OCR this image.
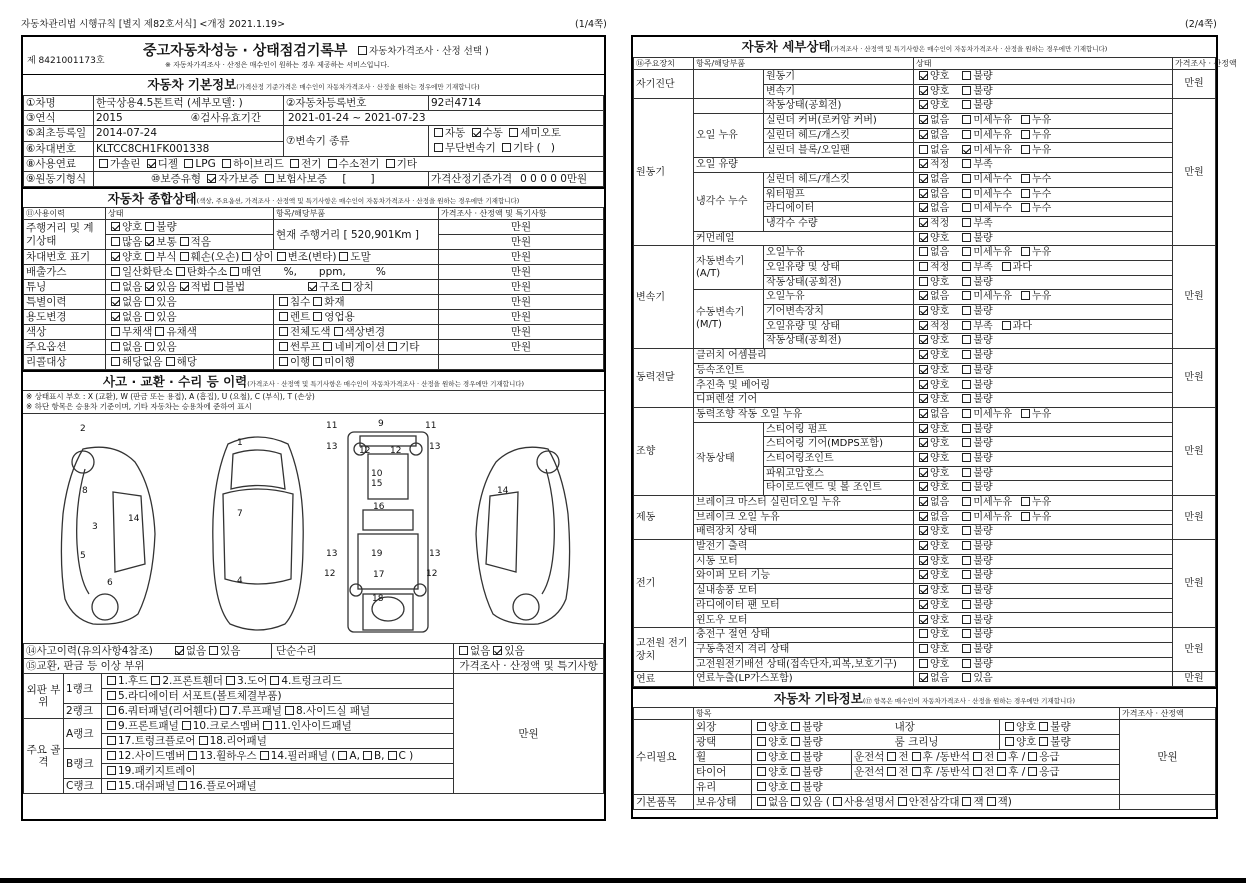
자동차관리법 시행규칙 [별지 제82호서식] <개정 2021.1.19>	(1/4쪽)	(2/4쪽)
제 8421001173호
중고자동차성능 · 상태점검기록부	자동차가격조사 · 산정 선택 )
※ 자동차가격조사 · 산정은 매수인이 원하는 경우 제공하는 서비스입니다.
자동차 기본정보(가격산정 기준가격은 매수인이 자동차가격조사 · 산정을 원하는 경우에만 기재합니다)
①차명	한국상용4.5톤트럭 (세부모델: )	②자동차등록번호	92러4714
③연식	2015 ④검사유효기간	2021-01-24 ~ 2021-07-23	
⑤최초등록일	2014-07-24	⑦변속기 종류	자동 수동 세미오토
무단변속기 기타 ( )
⑥차대번호	KLTCC8CH1FK001338		
⑧사용연료	가솔린 디젤 LPG 하이브리드 전기 수소전기 기타		
⑨원동기형식	⑩보증유형 자가보증 보험사보증 [ ]		가격산정기준가격 0 0 0 0 0만원
자동차 종합상태(색상, 주요옵션, 가격조사 · 산정액 및 특기사항은 매수인이 자동차가격조사 · 산정을 원하는 경우에만 기재합니다)
⑪사용이력	상태	항목/해당부품	가격조사 · 산정액 및 특기사항
주행거리 및 계기상태	양호 불량	현재 주행거리 [ 520,901Km ]	만원
	많음 보통 적음		만원
차대번호 표기	양호 부식 훼손(오손) 상이 변조(변타) 도말		만원
배출가스	일산화탄소 탄화수소 매연 %, ppm, %		만원
튜닝	없음 있음 적법 불법 구조 장치		만원
특별이력	없음 있음	침수 화재	만원
용도변경	없음 있음	렌트 영업용	만원
색상	무채색 유채색	전체도색 색상변경	만원
주요옵션	없음 있음	썬루프 네비게이션 기타	만원
리콜대상	해당없음 해당	이행 미이행	
사고 · 교환 · 수리 등 이력(가격조사 · 산정액 및 특기사항은 매수인이 자동차가격조사 · 산정을 원하는 경우에만 기재합니다)
※ 상태표시 부호 : X (교환), W (판금 또는 용접), A (흠집), U (요철), C (부식), T (손상)
※ 하단 항목은 승용차 기준이며, 기타 자동차는 승용차에 준하여 표시
2
1
8
3
14
5
6
7
4
9
11	11
12 12
13	13
10
15
16
13	13
19
12	12
17
18
14
⑭사고이력(유의사항4참조) 없음 있음			단순수리	없음 있음
⑮교환, 판금 등 이상 부위				가격조사 · 산정액 및 특기사항
외판 부위	1랭크	1.후드 2.프론트휀더 3.도어 4.트렁크리드		만원
		5.라디에이터 서포트(볼트체결부품)		
	2랭크	6.쿼터패널(리어휀다) 7.루프패널 8.사이드실 패널		
주요 골격	A랭크	9.프론트패널 10.크로스멤버 11.인사이드패널		
		17.트렁크플로어 18.리어패널		
	B랭크	12.사이드멤버 13.휠하우스 14.필러패널 ( A, B, C )		
		19.패키지트레이		
	C랭크	15.대쉬패널 16.플로어패널		
자동차 세부상태(가격조사 · 산정액 및 특기사항은 매수인이 자동차가격조사 · 산정을 원하는 경우에만 기재합니다)
⑯주요장치	항목/해당부품		상태	가격조사 · 산정액
자기진단		원동기	양호 불량	만원
		변속기	양호 불량	
원동기		작동상태(공회전)	양호 불량	만원
	오일 누유	실린더 커버(로커암 커버)	없음 미세누유 누유	
		실린더 헤드/개스킷	없음 미세누유 누유	
		실린더 블록/오일팬	없음 미세누유 누유	
	오일 유량		적정 부족	
	냉각수 누수	실린더 헤드/개스킷	없음 미세누수 누수	
		워터펌프	없음 미세누수 누수	
		라디에이터	없음 미세누수 누수	
		냉각수 수량	적정 부족	
	커먼레일		양호 불량	
변속기	자동변속기 (A/T)	오일누유	없음 미세누유 누유	만원
		오일유량 및 상태	적정 부족 과다	
		작동상태(공회전)	양호 불량	
	수동변속기 (M/T)	오일누유	없음 미세누유 누유	
		기어변속장치	양호 불량	
		오일유량 및 상태	적정 부족 과다	
		작동상태(공회전)	양호 불량	
동력전달	클러치 어셈블리		양호 불량	만원
	등속조인트		양호 불량	
	추진축 및 베어링		양호 불량	
	디퍼렌셜 기어		양호 불량	
조향	동력조향 작동 오일 누유		없음 미세누유 누유	만원
	작동상태	스티어링 펌프	양호 불량	
		스티어링 기어(MDPS포함)	양호 불량	
		스티어링조인트	양호 불량	
		파워고압호스	양호 불량	
		타이로드엔드 및 볼 조인트	양호 불량	
제동	브레이크 마스터 실린더오일 누유		없음 미세누유 누유	만원
	브레이크 오일 누유		없음 미세누유 누유	
	배력장치 상태		양호 불량	
전기	발전기 출력		양호 불량	만원
	시동 모터		양호 불량	
	와이퍼 모터 기능		양호 불량	
	실내송풍 모터		양호 불량	
	라디에이터 팬 모터		양호 불량	
	윈도우 모터		양호 불량	
고전원 전기장치	충전구 절연 상태		양호 불량	만원
	구동축전지 격리 상태		양호 불량	
	고전원전기배선 상태(접속단자,피복,보호기구)		양호 불량	
연료	연료누출(LP가스포함)		없음 있음	만원
자동차 기타정보(⑰ 항목은 매수인이 자동차가격조사 · 산정을 원하는 경우에만 기재합니다)
	항목				가격조사 · 산정액
수리필요	외장	양호 불량 내장		양호 불량	만원
	광택	양호 불량 룸 크리닝		양호 불량	
	휠	양호 불량	운전석 전 후 /동반석 전 후 / 응급		
	타이어	양호 불량	운전석 전 후 /동반석 전 후 / 응급		
	유리	양호 불량			
기본품목	보유상태	없음 있음 ( 사용설명서 안전삼각대 잭 잭)			
